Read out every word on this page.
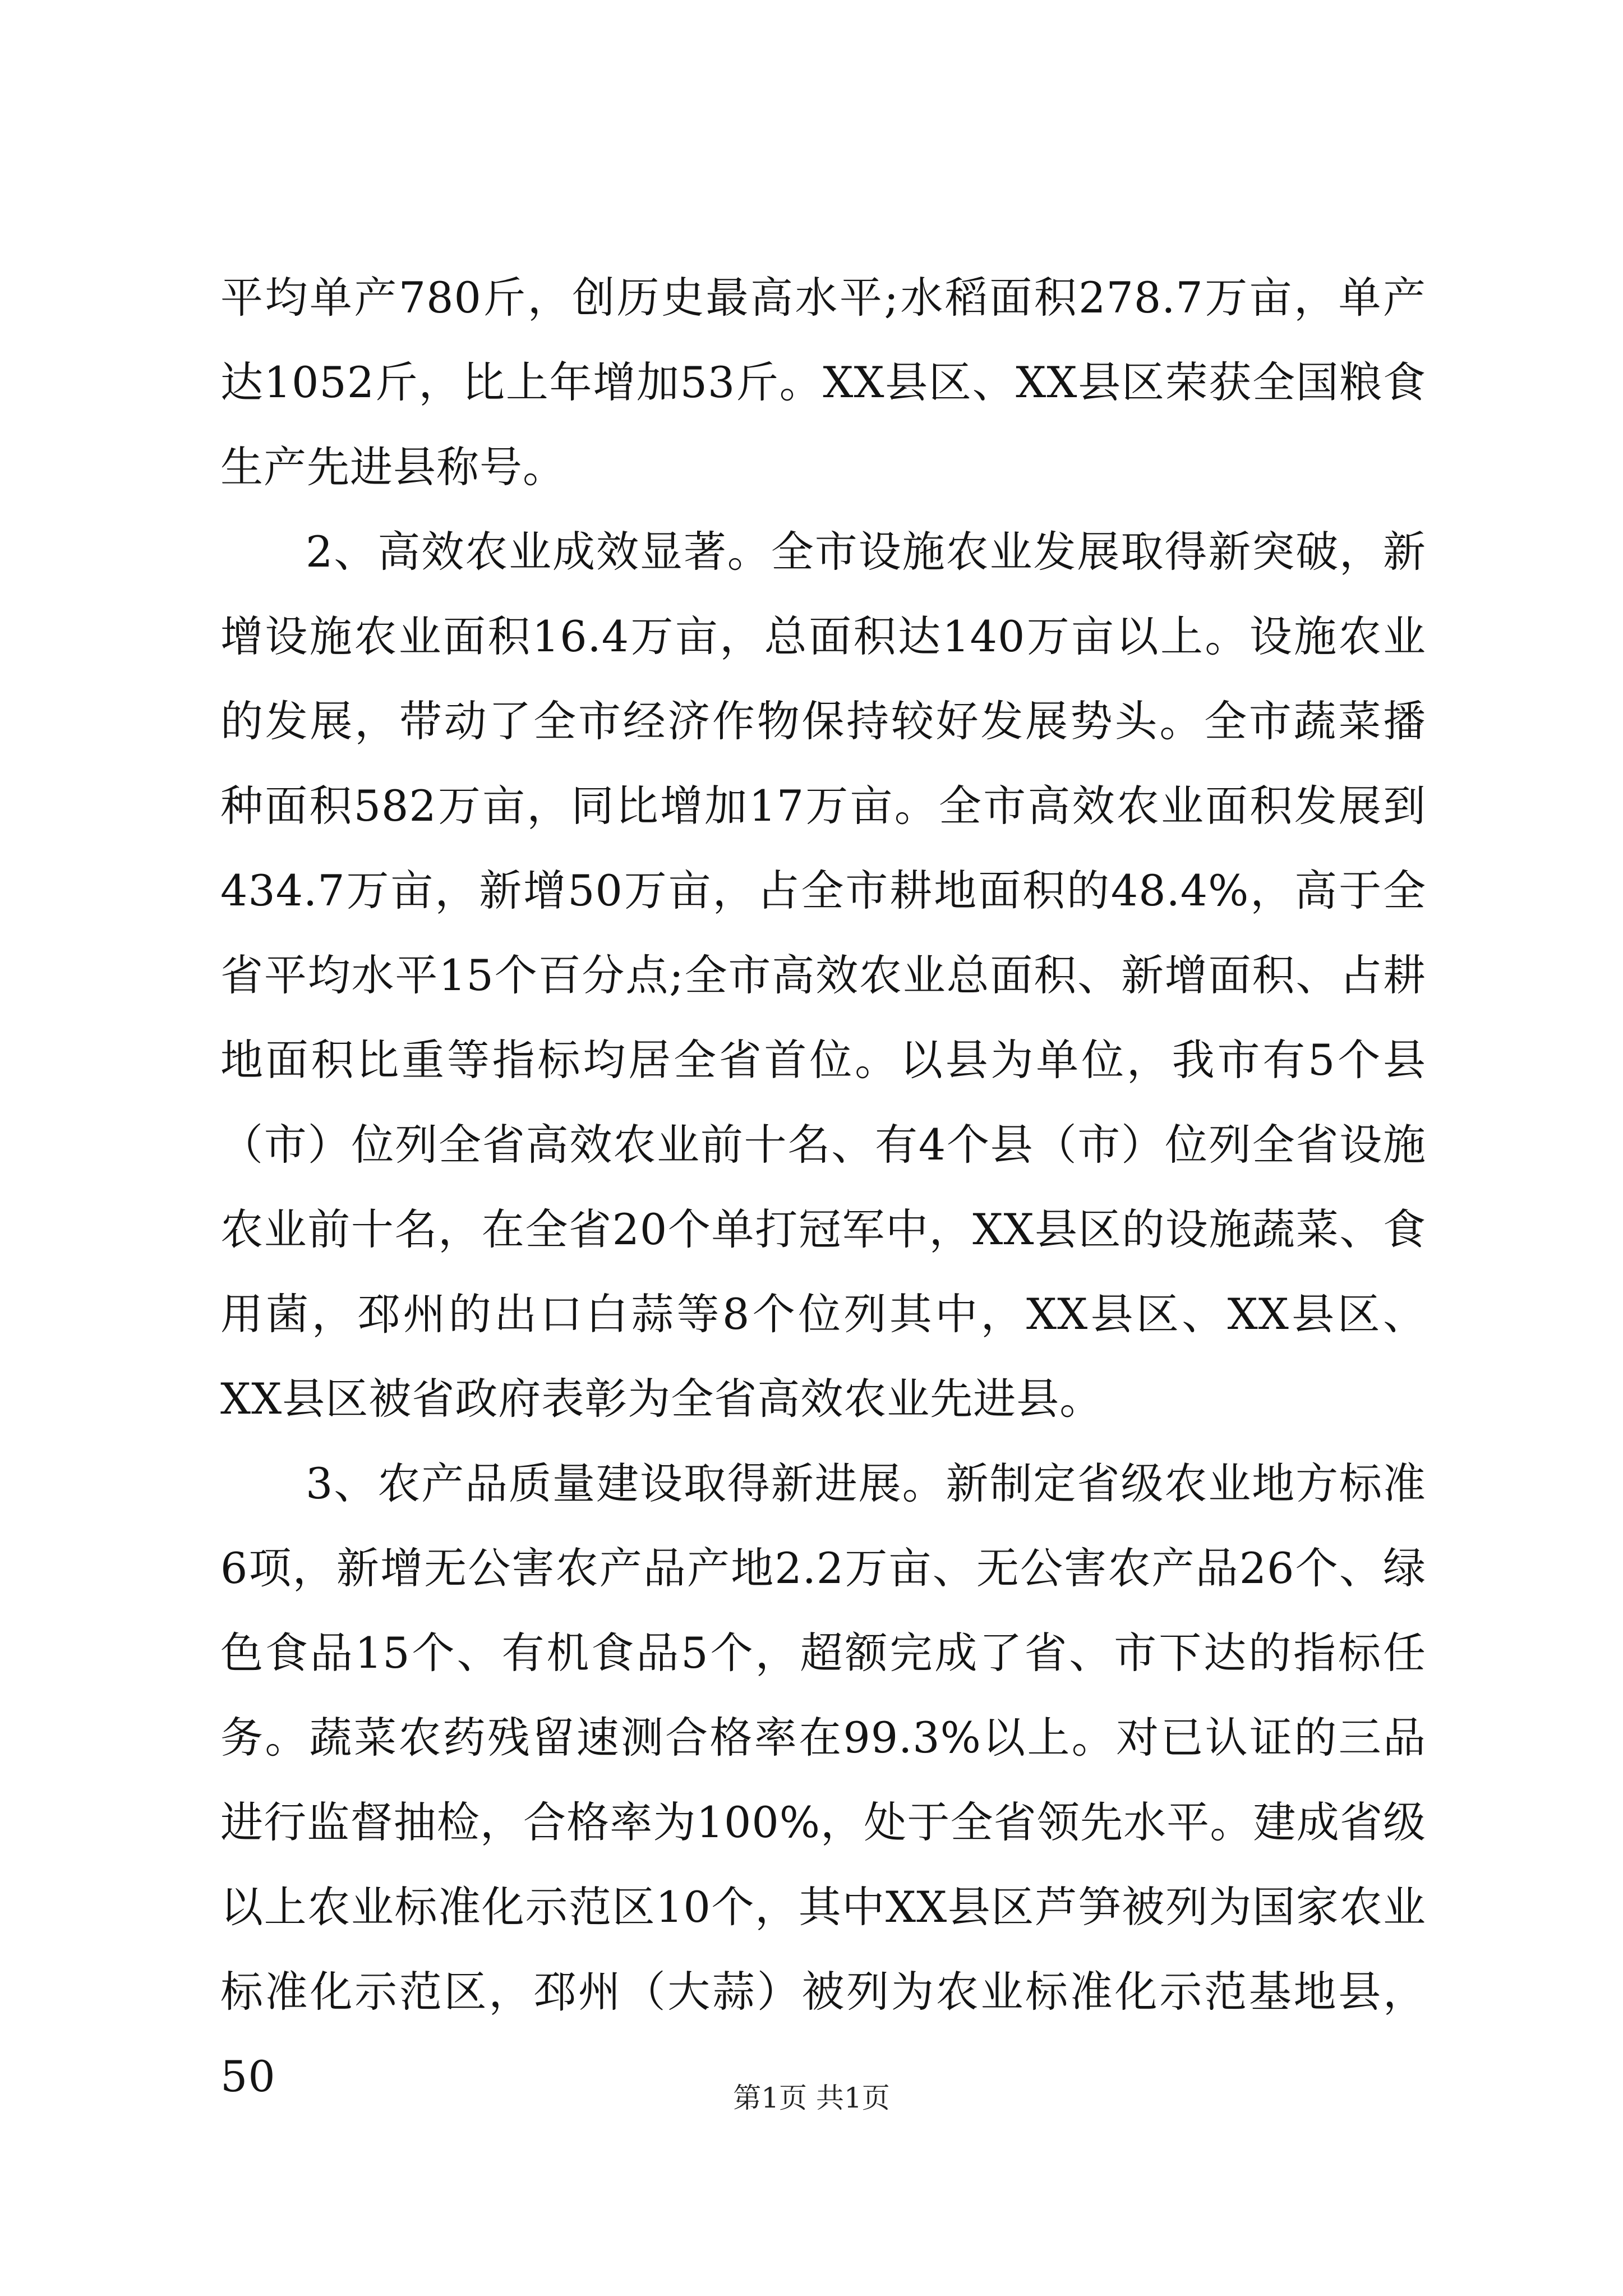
平均单产780斤，创历史最高水平;水稻面积278.7万亩，单产达1052斤，比上年增加53斤。XX县区、XX县区荣获全国粮食生产先进县称号。

2、高效农业成效显著。全市设施农业发展取得新突破，新增设施农业面积16.4万亩，总面积达140万亩以上。设施农业的发展，带动了全市经济作物保持较好发展势头。全市蔬菜播种面积582万亩，同比增加17万亩。全市高效农业面积发展到434.7万亩，新增50万亩，占全市耕地面积的48.4%，高于全省平均水平15个百分点;全市高效农业总面积、新增面积、占耕地面积比重等指标均居全省首位。以县为单位，我市有5个县（市）位列全省高效农业前十名、有4个县（市）位列全省设施农业前十名，在全省20个单打冠军中，XX县区的设施蔬菜、食用菌，邳州的出口白蒜等8个位列其中，XX县区、XX县区、XX县区被省政府表彰为全省高效农业先进县。

3、农产品质量建设取得新进展。新制定省级农业地方标准6项，新增无公害农产品产地2.2万亩、无公害农产品26个、绿色食品15个、有机食品5个，超额完成了省、市下达的指标任务。蔬菜农药残留速测合格率在99.3%以上。对已认证的三品进行监督抽检，合格率为100%，处于全省领先水平。建成省级以上农业标准化示范区10个，其中XX县区芦笋被列为国家农业标准化示范区，邳州（大蒜）被列为农业标准化示范基地县，50	第1页 共1页
